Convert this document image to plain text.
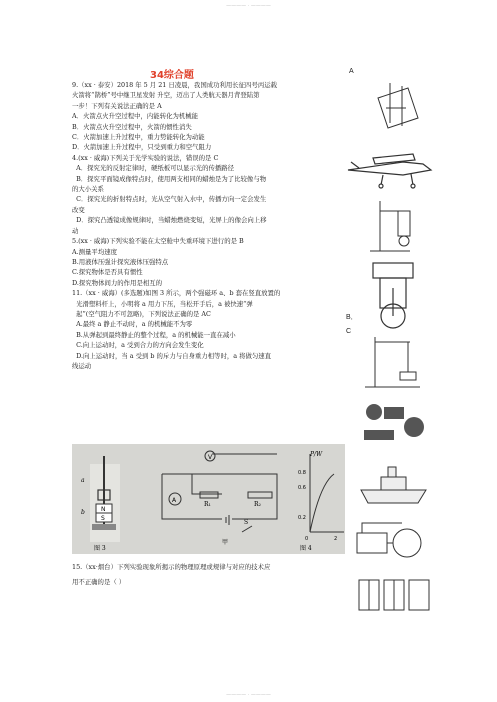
———— · ————
34综合题

9.（xx · 泰安）2018 年 5 月 21 日凌晨，我国成功利用长征四号丙运载

火箭将“鹊桥”号中继卫星发射 升空，迈出了人类航天器月背登陆第

一步！下列有关说法正确的是 A

A．火箭点火升空过程中，内能转化为机械能

B．火箭点火升空过程中，火箭的惯性消失

C．火箭加速上升过程中，重力势能转化为动能

D．火箭加速上升过程中，只受到重力和空气阻力

4.(xx · 威海)下列关于光学实验的说法，错误的是 C

A．探究光的反射定律时，硬纸板可以显示光的传播路径

B．探究平面镜成像特点时，使用两支相同的蜡烛是为了比较像与物

的大小关系

C．探究光的折射特点时，光从空气射入水中，传播方向一定会发生

改变

D．探究凸透镜成像规律时，当蜡烛燃烧变短，光屏上的像会向上移

动

5.(xx · 威海)下列实验不能在太空舱中失重环境下进行的是 B

A.测量平均速度

B.用液体压强计探究液体压强特点

C.探究物体是否具有惯性

D.探究物体间力的作用是相互的

11.（xx · 威海）(多选题)如图 3 所示，两个强磁环 a、b 套在竖直放置的

光滑塑料杆上，小明将 a 用力下压，当松开手后，a 被快速“弹

起”(空气阻力不可忽略)，下列说法正确的是 AC

A.最终 a 静止不动时，a 的机械能不为零

B.从弹起到最终静止的整个过程，a 的机械能一直在减小

C.向上运动时，a 受到合力的方向会发生变化

D.向上运动时，当 a 受到 b 的斥力与自身重力相等时，a 将做匀速直

线运动

a
b	N
S
图 3
V
A
R₁	R₂
S
甲
P/W
0.8
0.6
0.2
0	2
图 4

15.（xx·烟台）下列实验现象所揭示的物理原理或规律与对应的技术应

用不正确的是（ ）

A
B．
C
———— · ————
